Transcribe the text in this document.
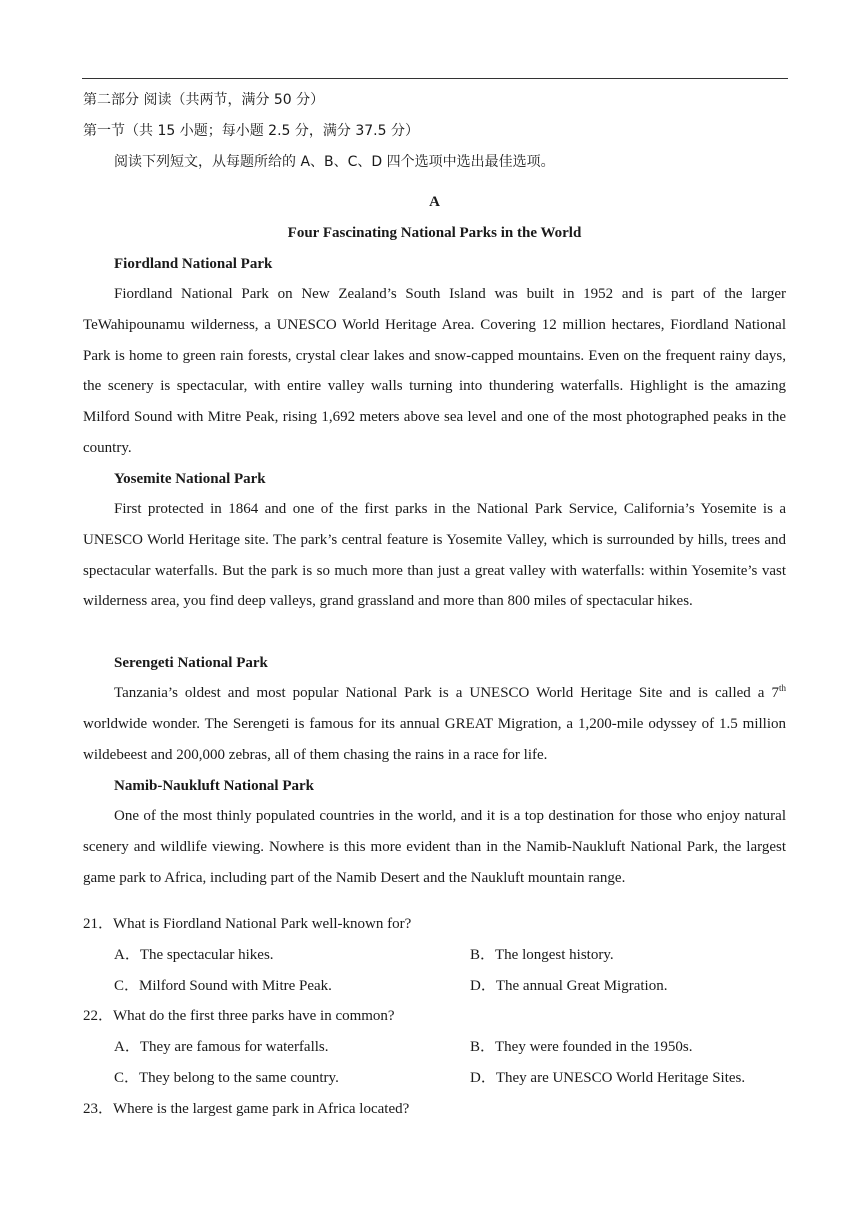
第二部分 阅读（共两节，满分 50 分）
第一节（共 15 小题；每小题 2.5 分，满分 37.5 分）
阅读下列短文，从每题所给的 A、B、C、D 四个选项中选出最佳选项。
A
Four Fascinating National Parks in the World
Fiordland National Park

Fiordland National Park on New Zealand’s South Island was built in 1952 and is part of the larger TeWahipounamu wilderness, a UNESCO World Heritage Area. Covering 12 million hectares, Fiordland National Park is home to green rain forests, crystal clear lakes and snow-capped mountains. Even on the frequent rainy days, the scenery is spectacular, with entire valley walls turning into thundering waterfalls. Highlight is the amazing Milford Sound with Mitre Peak, rising 1,692 meters above sea level and one of the most photographed peaks in the country.

Yosemite National Park

First protected in 1864 and one of the first parks in the National Park Service, California’s Yosemite is a UNESCO World Heritage site. The park’s central feature is Yosemite Valley, which is surrounded by hills, trees and spectacular waterfalls. But the park is so much more than just a great valley with waterfalls: within Yosemite’s vast wilderness area, you find deep valleys, grand grassland and more than 800 miles of spectacular hikes.

Serengeti National Park

Tanzania’s oldest and most popular National Park is a UNESCO World Heritage Site and is called a 7th worldwide wonder. The Serengeti is famous for its annual GREAT Migration, a 1,200-mile odyssey of 1.5 million wildebeest and 200,000 zebras, all of them chasing the rains in a race for life.

Namib-Naukluft National Park

One of the most thinly populated countries in the world, and it is a top destination for those who enjoy natural scenery and wildlife viewing. Nowhere is this more evident than in the Namib-Naukluft National Park, the largest game park to Africa, including part of the Namib Desert and the Naukluft mountain range.

21．What is Fiordland National Park well-known for?
A．The spectacular hikes.	B．The longest history.
C．Milford Sound with Mitre Peak.	D．The annual Great Migration.
22．What do the first three parks have in common?
A．They are famous for waterfalls.	B．They were founded in the 1950s.
C．They belong to the same country.	D．They are UNESCO World Heritage Sites.
23．Where is the largest game park in Africa located?
